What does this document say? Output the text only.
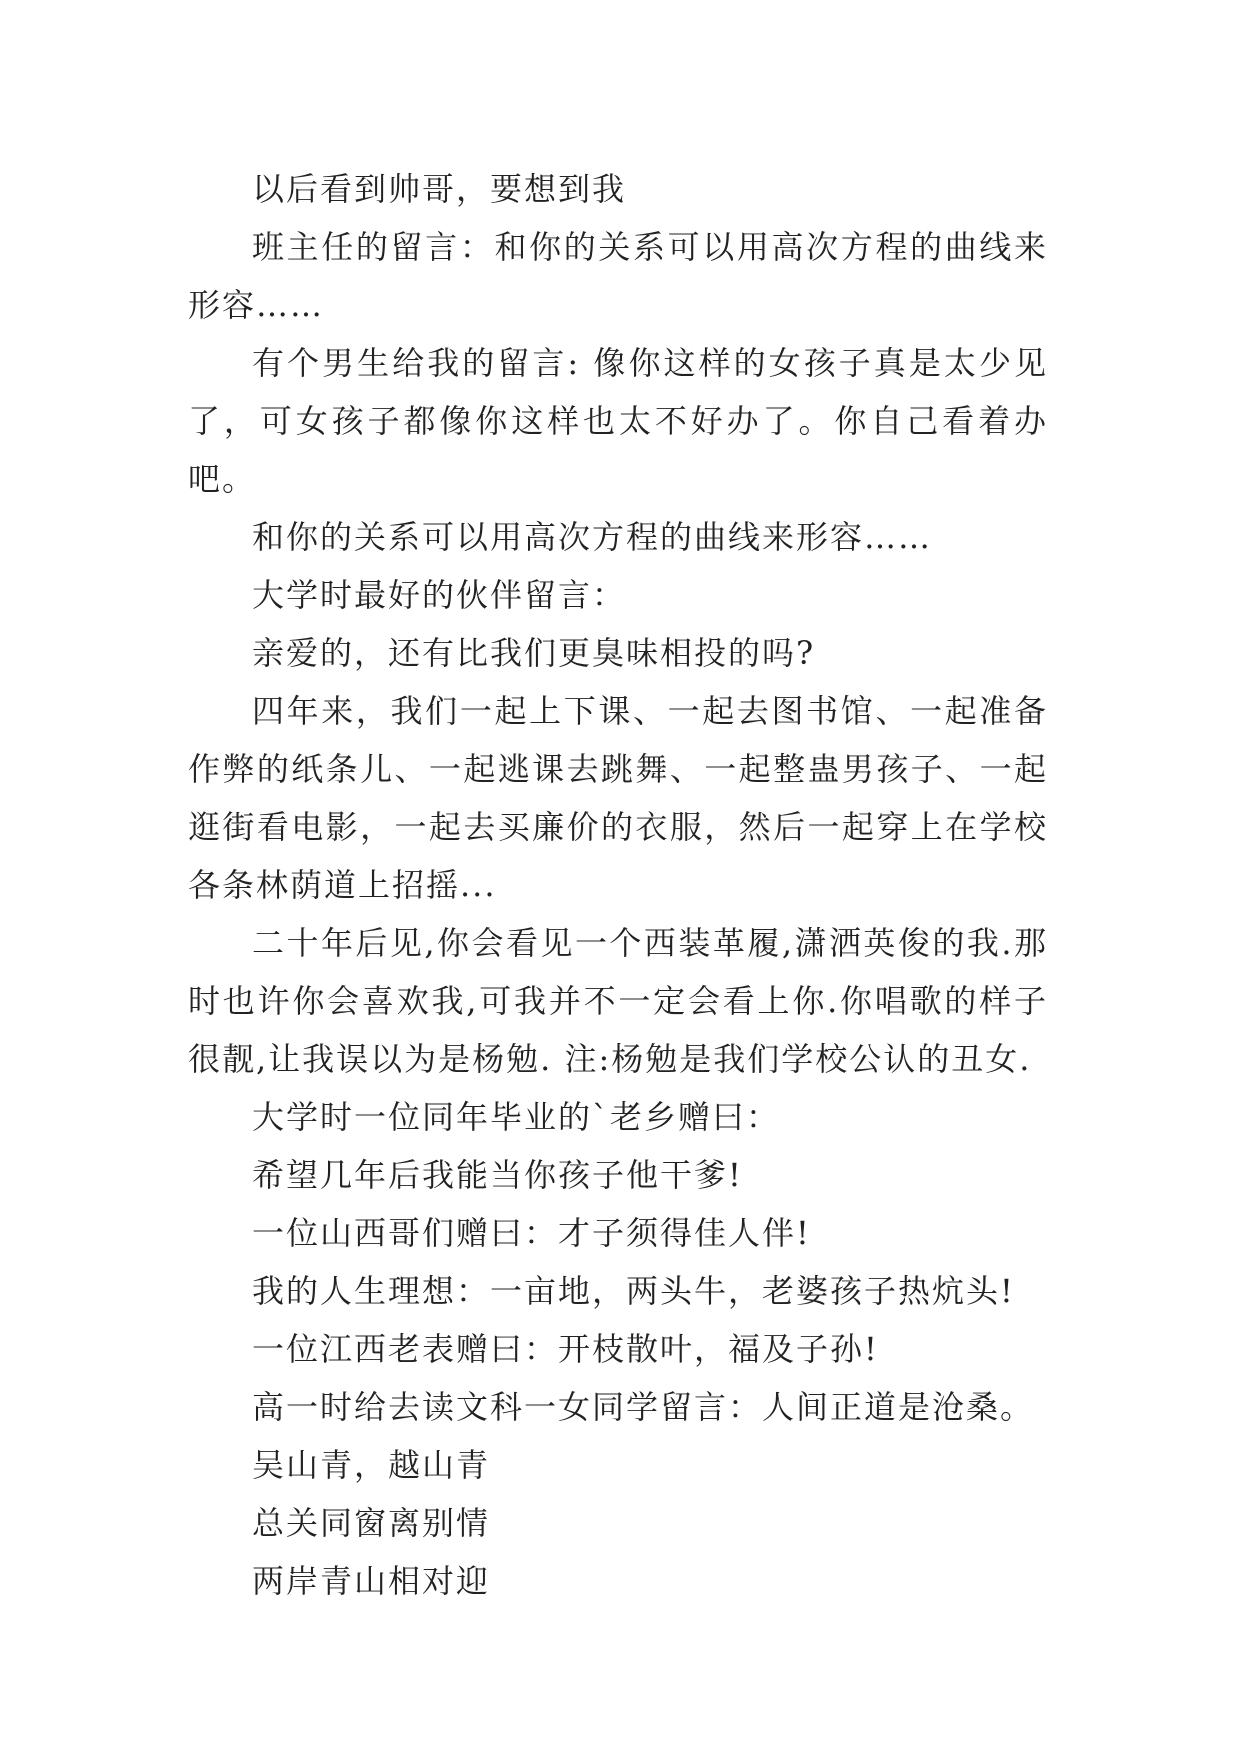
以后看到帅哥，要想到我

班主任的留言：和你的关系可以用高次方程的曲线来形容……

有个男生给我的留言: 像你这样的女孩子真是太少见了，可女孩子都像你这样也太不好办了。你自己看着办吧。

和你的关系可以用高次方程的曲线来形容……

大学时最好的伙伴留言：

亲爱的，还有比我们更臭味相投的吗?

四年来，我们一起上下课、一起去图书馆、一起准备作弊的纸条儿、一起逃课去跳舞、一起整蛊男孩子、一起逛街看电影，一起去买廉价的衣服，然后一起穿上在学校各条林荫道上招摇...

二十年后见,你会看见一个西装革履,潇洒英俊的我.那时也许你会喜欢我,可我并不一定会看上你.你唱歌的样子很靓,让我误以为是杨勉. 注:杨勉是我们学校公认的丑女.

大学时一位同年毕业的`老乡赠曰：

希望几年后我能当你孩子他干爹!

一位山西哥们赠曰：才子须得佳人伴!

我的人生理想：一亩地，两头牛，老婆孩子热炕头!

一位江西老表赠曰：开枝散叶，福及子孙!

高一时给去读文科一女同学留言：人间正道是沧桑。

吴山青，越山青

总关同窗离别情

两岸青山相对迎
